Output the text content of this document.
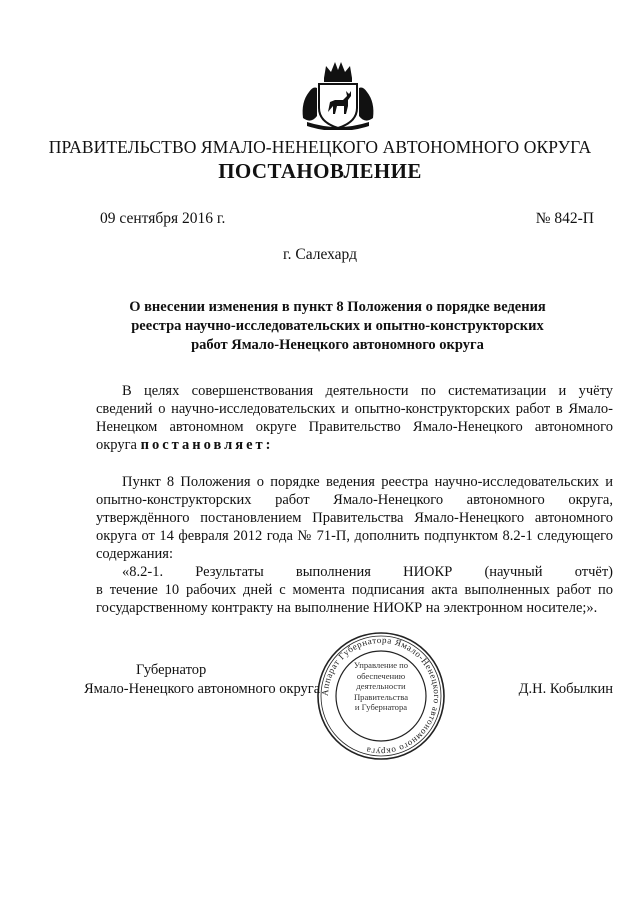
ПРАВИТЕЛЬСТВО ЯМАЛО-НЕНЕЦКОГО АВТОНОМНОГО ОКРУГА
ПОСТАНОВЛЕНИЕ
09 сентября 2016 г.	№ 842-П
г. Салехард
О внесении изменения в пункт 8 Положения о порядке ведения
реестра научно-исследовательских и опытно-конструкторских
работ Ямало-Ненецкого автономного округа
В целях совершенствования деятельности по систематизации и учёту
сведений о научно-исследовательских и опытно-конструкторских работ в Ямало-
Ненецком автономном округе Правительство Ямало-Ненецкого автономного
округа постановляет:
Пункт 8 Положения о порядке ведения реестра научно-исследовательских и
опытно-конструкторских работ Ямало-Ненецкого автономного округа,
утверждённого постановлением Правительства Ямало-Ненецкого автономного
округа от 14 февраля 2012 года № 71-П, дополнить подпунктом 8.2-1 следующего
содержания:
«8.2-1. Результаты выполнения НИОКР (научный отчёт)
в течение 10 рабочих дней с момента подписания акта выполненных работ по
государственному контракту на выполнение НИОКР на электронном носителе;».
Аппарат Губернатора Ямало-Ненецкого автономного округа
Управление по
обеспечению
деятельности
Правительства
и Губернатора
Губернатор
Ямало-Ненецкого автономного округа	Д.Н. Кобылкин
